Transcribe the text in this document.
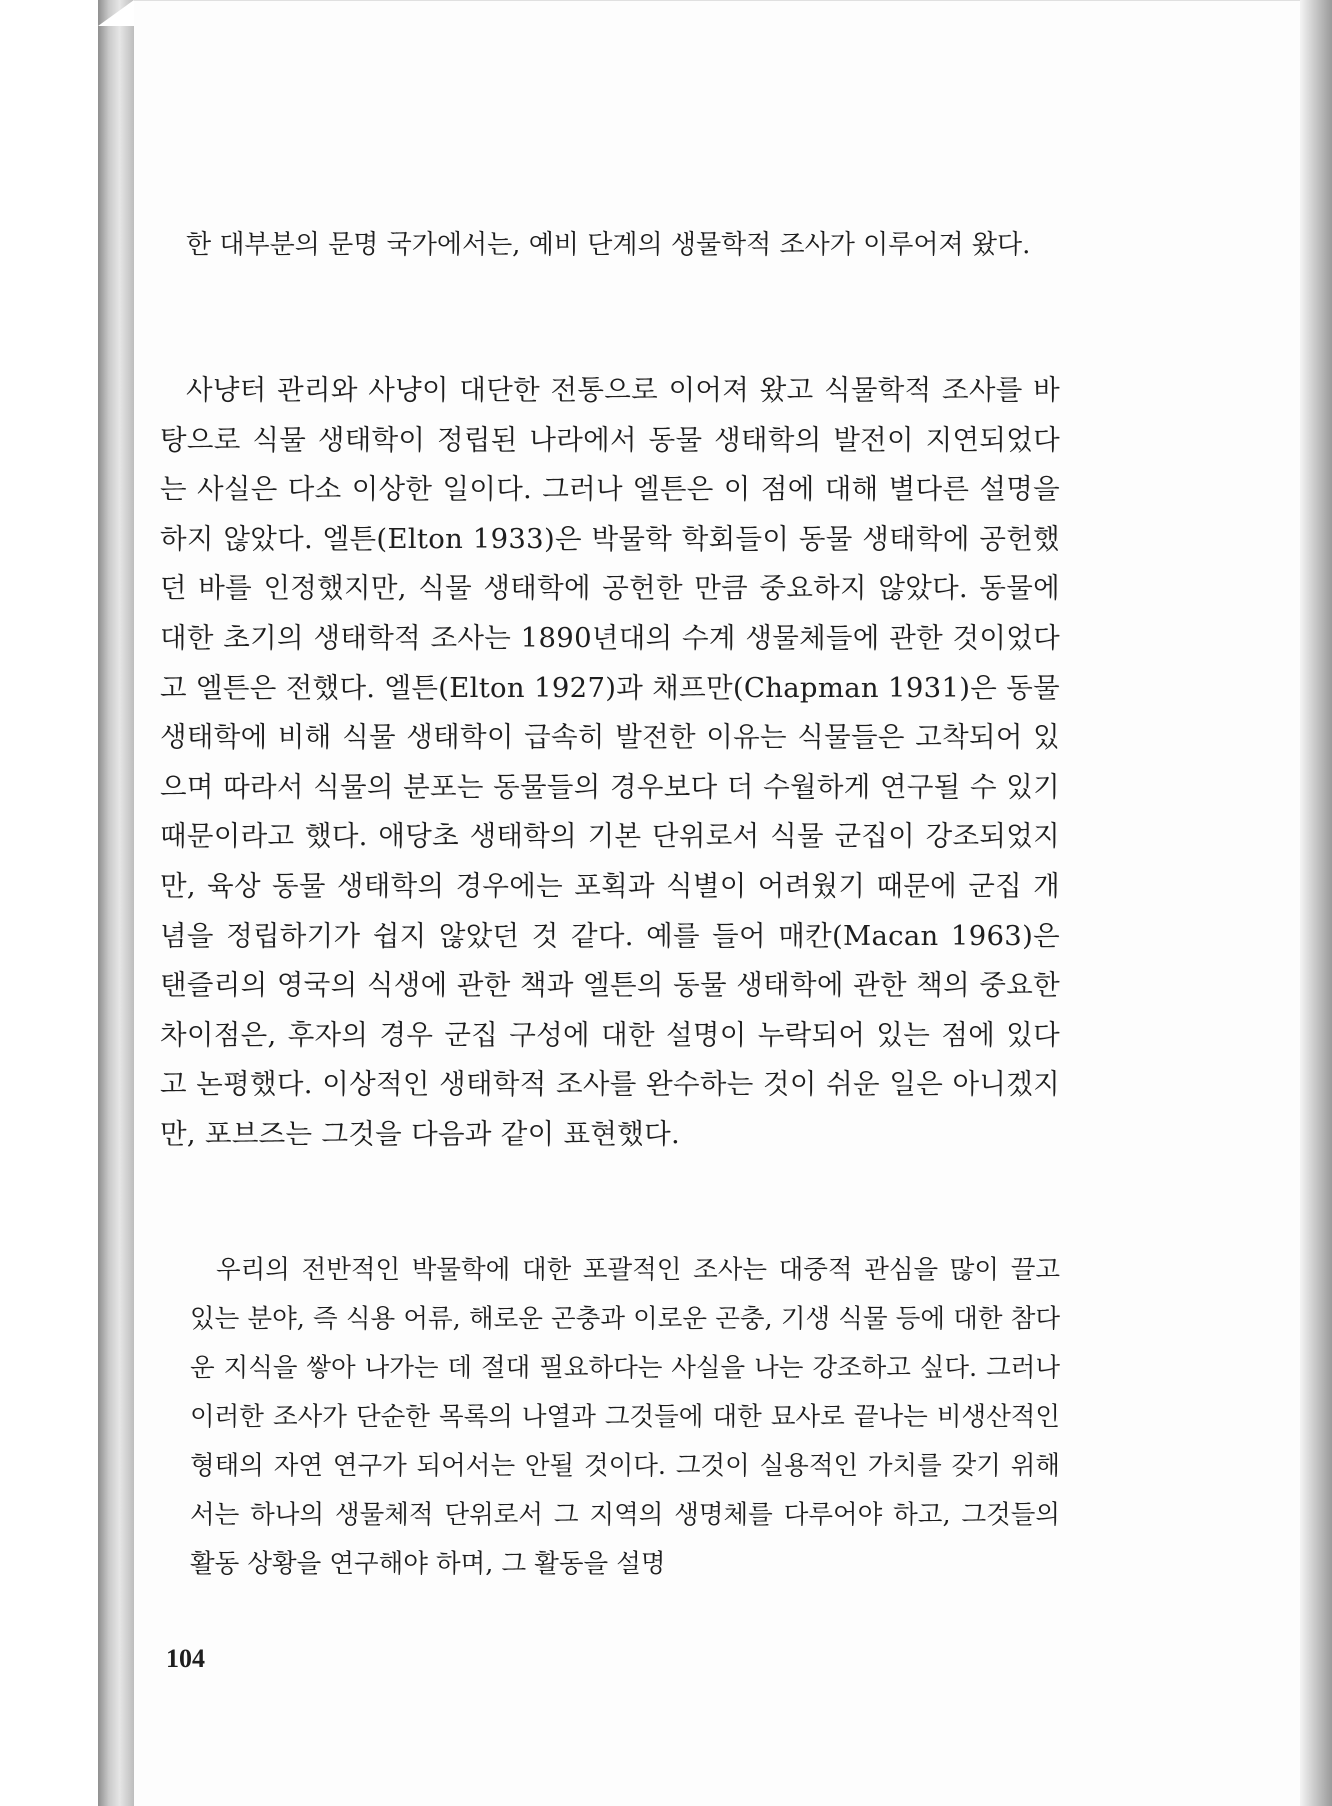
한 대부분의 문명 국가에서는, 예비 단계의 생물학적 조사가 이루어져 왔다.

사냥터 관리와 사냥이 대단한 전통으로 이어져 왔고 식물학적 조사를 바탕으로 식물 생태학이 정립된 나라에서 동물 생태학의 발전이 지연되었다는 사실은 다소 이상한 일이다. 그러나 엘튼은 이 점에 대해 별다른 설명을 하지 않았다. 엘튼(Elton 1933)은 박물학 학회들이 동물 생태학에 공헌했던 바를 인정했지만, 식물 생태학에 공헌한 만큼 중요하지 않았다. 동물에 대한 초기의 생태학적 조사는 1890년대의 수계 생물체들에 관한 것이었다고 엘튼은 전했다. 엘튼(Elton 1927)과 채프만(Chapman 1931)은 동물 생태학에 비해 식물 생태학이 급속히 발전한 이유는 식물들은 고착되어 있으며 따라서 식물의 분포는 동물들의 경우보다 더 수월하게 연구될 수 있기 때문이라고 했다. 애당초 생태학의 기본 단위로서 식물 군집이 강조되었지만, 육상 동물 생태학의 경우에는 포획과 식별이 어려웠기 때문에 군집 개념을 정립하기가 쉽지 않았던 것 같다. 예를 들어 매칸(Macan 1963)은 탠즐리의 영국의 식생에 관한 책과 엘튼의 동물 생태학에 관한 책의 중요한 차이점은, 후자의 경우 군집 구성에 대한 설명이 누락되어 있는 점에 있다고 논평했다. 이상적인 생태학적 조사를 완수하는 것이 쉬운 일은 아니겠지만, 포브즈는 그것을 다음과 같이 표현했다.

우리의 전반적인 박물학에 대한 포괄적인 조사는 대중적 관심을 많이 끌고 있는 분야, 즉 식용 어류, 해로운 곤충과 이로운 곤충, 기생 식물 등에 대한 참다운 지식을 쌓아 나가는 데 절대 필요하다는 사실을 나는 강조하고 싶다. 그러나 이러한 조사가 단순한 목록의 나열과 그것들에 대한 묘사로 끝나는 비생산적인 형태의 자연 연구가 되어서는 안될 것이다. 그것이 실용적인 가치를 갖기 위해서는 하나의 생물체적 단위로서 그 지역의 생명체를 다루어야 하고, 그것들의 활동 상황을 연구해야 하며, 그 활동을 설명

104
